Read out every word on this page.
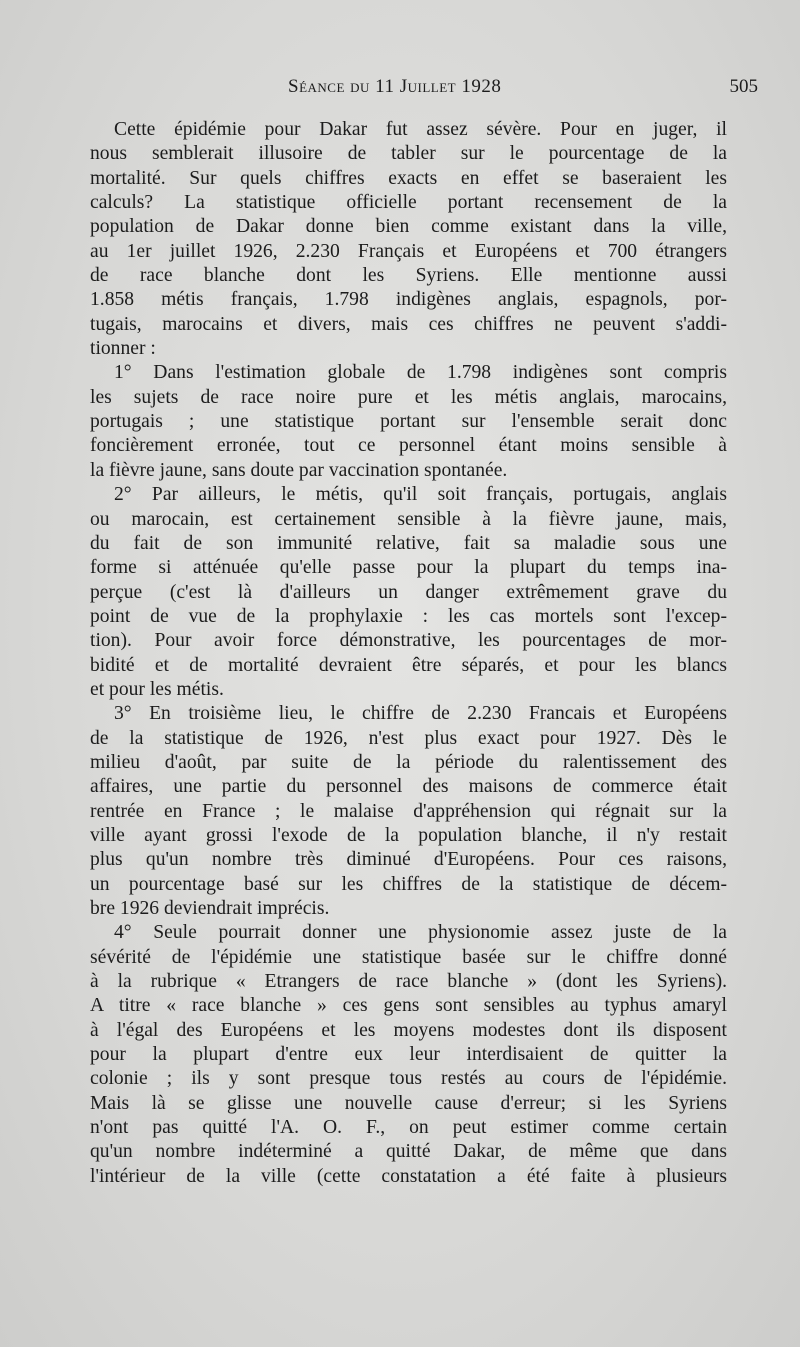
Séance du 11 Juillet 1928	505
Cette épidémie pour Dakar fut assez sévère. Pour en juger, il
nous semblerait illusoire de tabler sur le pourcentage de la
mortalité. Sur quels chiffres exacts en effet se baseraient les
calculs? La statistique officielle portant recensement de la
population de Dakar donne bien comme existant dans la ville,
au 1er juillet 1926, 2.230 Français et Européens et 700 étrangers
de race blanche dont les Syriens. Elle mentionne aussi
1.858 métis français, 1.798 indigènes anglais, espagnols, por-
tugais, marocains et divers, mais ces chiffres ne peuvent s'addi-
tionner :
1° Dans l'estimation globale de 1.798 indigènes sont compris
les sujets de race noire pure et les métis anglais, marocains,
portugais ; une statistique portant sur l'ensemble serait donc
foncièrement erronée, tout ce personnel étant moins sensible à
la fièvre jaune, sans doute par vaccination spontanée.
2° Par ailleurs, le métis, qu'il soit français, portugais, anglais
ou marocain, est certainement sensible à la fièvre jaune, mais,
du fait de son immunité relative, fait sa maladie sous une
forme si atténuée qu'elle passe pour la plupart du temps ina-
perçue (c'est là d'ailleurs un danger extrêmement grave du
point de vue de la prophylaxie : les cas mortels sont l'excep-
tion). Pour avoir force démonstrative, les pourcentages de mor-
bidité et de mortalité devraient être séparés, et pour les blancs
et pour les métis.
3° En troisième lieu, le chiffre de 2.230 Francais et Européens
de la statistique de 1926, n'est plus exact pour 1927. Dès le
milieu d'août, par suite de la période du ralentissement des
affaires, une partie du personnel des maisons de commerce était
rentrée en France ; le malaise d'appréhension qui régnait sur la
ville ayant grossi l'exode de la population blanche, il n'y restait
plus qu'un nombre très diminué d'Européens. Pour ces raisons,
un pourcentage basé sur les chiffres de la statistique de décem-
bre 1926 deviendrait imprécis.
4° Seule pourrait donner une physionomie assez juste de la
sévérité de l'épidémie une statistique basée sur le chiffre donné
à la rubrique « Etrangers de race blanche » (dont les Syriens).
A titre « race blanche » ces gens sont sensibles au typhus amaryl
à l'égal des Européens et les moyens modestes dont ils disposent
pour la plupart d'entre eux leur interdisaient de quitter la
colonie ; ils y sont presque tous restés au cours de l'épidémie.
Mais là se glisse une nouvelle cause d'erreur; si les Syriens
n'ont pas quitté l'A. O. F., on peut estimer comme certain
qu'un nombre indéterminé a quitté Dakar, de même que dans
l'intérieur de la ville (cette constatation a été faite à plusieurs
